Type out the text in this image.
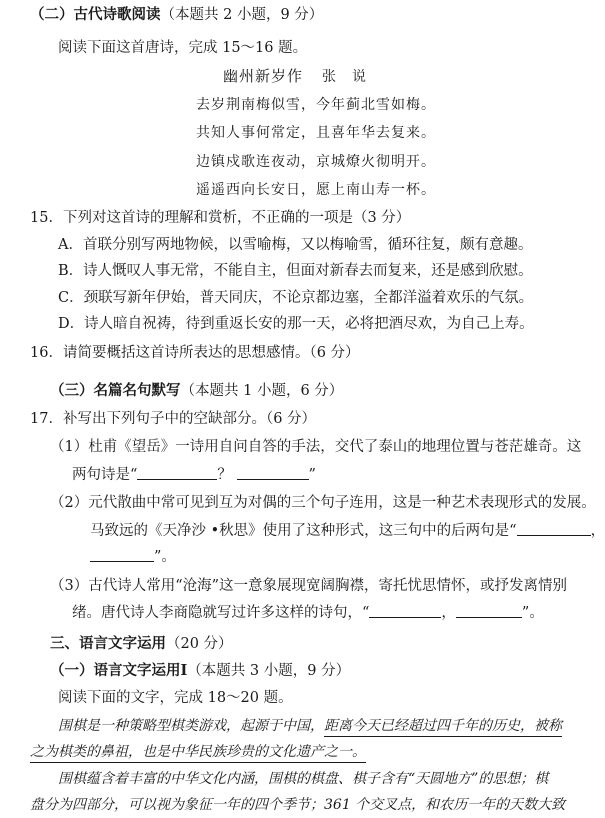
（二）古代诗歌阅读（本题共 2 小题，9 分）
阅读下面这首唐诗，完成 15～16 题。
幽州新岁作 张　说
去岁荆南梅似雪，今年蓟北雪如梅。
共知人事何常定，且喜年华去复来。
边镇戍歌连夜动，京城燎火彻明开。
遥遥西向长安日，愿上南山寿一杯。
15．下列对这首诗的理解和赏析，不正确的一项是（3 分）
A．首联分别写两地物候，以雪喻梅，又以梅喻雪，循环往复，颇有意趣。
B．诗人慨叹人事无常，不能自主，但面对新春去而复来，还是感到欣慰。
C．颈联写新年伊始，普天同庆，不论京都边塞，全都洋溢着欢乐的气氛。
D．诗人暗自祝祷，待到重返长安的那一天，必将把酒尽欢，为自己上寿。
16．请简要概括这首诗所表达的思想感情。（6 分）
（三）名篇名句默写（本题共 1 小题，6 分）
17．补写出下列句子中的空缺部分。（6 分）
（1）杜甫《望岳》一诗用自问自答的手法，交代了泰山的地理位置与苍茫雄奇。这
两句诗是“	？	”
（2）元代散曲中常可见到互为对偶的三个句子连用，这是一种艺术表现形式的发展。
马致远的《天净沙 •秋思》使用了这种形式，这三句中的后两句是“	，
”。
（3）古代诗人常用“沧海”这一意象展现宽阔胸襟，寄托忧思情怀，或抒发离情别
绪。唐代诗人李商隐就写过许多这样的诗句，“	，	”。
三、语言文字运用（20 分）
（一）语言文字运用Ⅰ（本题共 3 小题，9 分）
阅读下面的文字，完成 18～20 题。
围棋是一种策略型棋类游戏，起源于中国，距离今天已经超过四千年的历史，被称
之为棋类的鼻祖，也是中华民族珍贵的文化遗产之一。
围棋蕴含着丰富的中华文化内涵，围棋的棋盘、棋子含有“天圆地方”的思想；棋
盘分为四部分，可以视为象征一年的四个季节；361 个交叉点，和农历一年的天数大致
